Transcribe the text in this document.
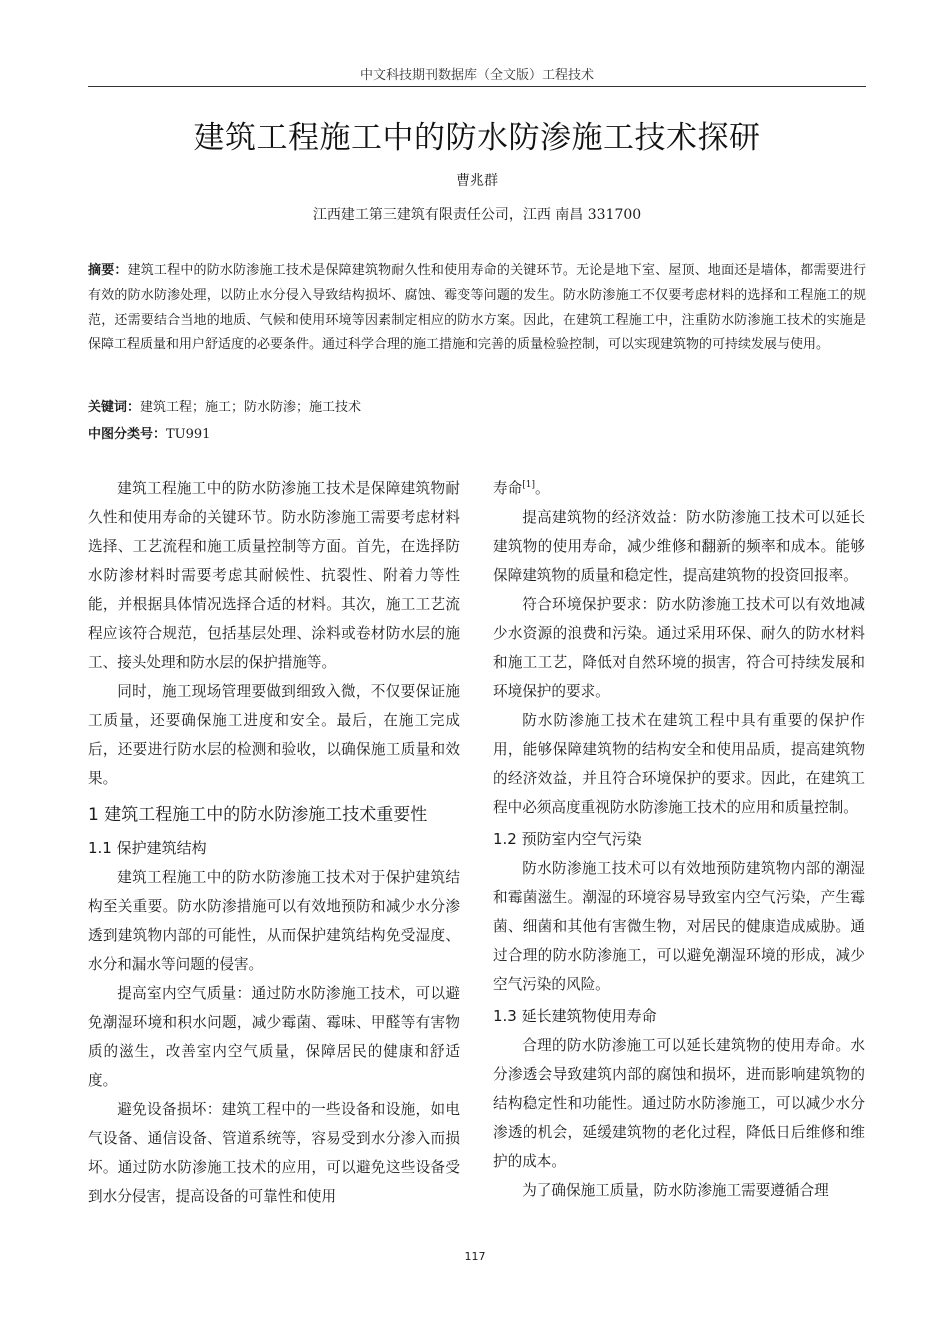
中文科技期刊数据库（全文版）工程技术
建筑工程施工中的防水防渗施工技术探研
曹兆群
江西建工第三建筑有限责任公司，江西 南昌 331700
摘要：建筑工程中的防水防渗施工技术是保障建筑物耐久性和使用寿命的关键环节。无论是地下室、屋顶、地面还是墙体，都需要进行有效的防水防渗处理，以防止水分侵入导致结构损坏、腐蚀、霉变等问题的发生。防水防渗施工不仅要考虑材料的选择和工程施工的规范，还需要结合当地的地质、气候和使用环境等因素制定相应的防水方案。因此，在建筑工程施工中，注重防水防渗施工技术的实施是保障工程质量和用户舒适度的必要条件。通过科学合理的施工措施和完善的质量检验控制，可以实现建筑物的可持续发展与使用。
关键词：建筑工程；施工；防水防渗；施工技术
中图分类号：TU991

建筑工程施工中的防水防渗施工技术是保障建筑物耐久性和使用寿命的关键环节。防水防渗施工需要考虑材料选择、工艺流程和施工质量控制等方面。首先，在选择防水防渗材料时需要考虑其耐候性、抗裂性、附着力等性能，并根据具体情况选择合适的材料。其次，施工工艺流程应该符合规范，包括基层处理、涂料或卷材防水层的施工、接头处理和防水层的保护措施等。

同时，施工现场管理要做到细致入微，不仅要保证施工质量，还要确保施工进度和安全。最后，在施工完成后，还要进行防水层的检测和验收，以确保施工质量和效果。

1 建筑工程施工中的防水防渗施工技术重要性
1.1 保护建筑结构

建筑工程施工中的防水防渗施工技术对于保护建筑结构至关重要。防水防渗措施可以有效地预防和减少水分渗透到建筑物内部的可能性，从而保护建筑结构免受湿度、水分和漏水等问题的侵害。

提高室内空气质量：通过防水防渗施工技术，可以避免潮湿环境和积水问题，减少霉菌、霉味、甲醛等有害物质的滋生，改善室内空气质量，保障居民的健康和舒适度。

避免设备损坏：建筑工程中的一些设备和设施，如电气设备、通信设备、管道系统等，容易受到水分渗入而损坏。通过防水防渗施工技术的应用，可以避免这些设备受到水分侵害，提高设备的可靠性和使用

寿命[1]。

提高建筑物的经济效益：防水防渗施工技术可以延长建筑物的使用寿命，减少维修和翻新的频率和成本。能够保障建筑物的质量和稳定性，提高建筑物的投资回报率。

符合环境保护要求：防水防渗施工技术可以有效地减少水资源的浪费和污染。通过采用环保、耐久的防水材料和施工工艺，降低对自然环境的损害，符合可持续发展和环境保护的要求。

防水防渗施工技术在建筑工程中具有重要的保护作用，能够保障建筑物的结构安全和使用品质，提高建筑物的经济效益，并且符合环境保护的要求。因此，在建筑工程中必须高度重视防水防渗施工技术的应用和质量控制。

1.2 预防室内空气污染

防水防渗施工技术可以有效地预防建筑物内部的潮湿和霉菌滋生。潮湿的环境容易导致室内空气污染，产生霉菌、细菌和其他有害微生物，对居民的健康造成威胁。通过合理的防水防渗施工，可以避免潮湿环境的形成，减少空气污染的风险。

1.3 延长建筑物使用寿命

合理的防水防渗施工可以延长建筑物的使用寿命。水分渗透会导致建筑内部的腐蚀和损坏，进而影响建筑物的结构稳定性和功能性。通过防水防渗施工，可以减少水分渗透的机会，延缓建筑物的老化过程，降低日后维修和维护的成本。

为了确保施工质量，防水防渗施工需要遵循合理

117
